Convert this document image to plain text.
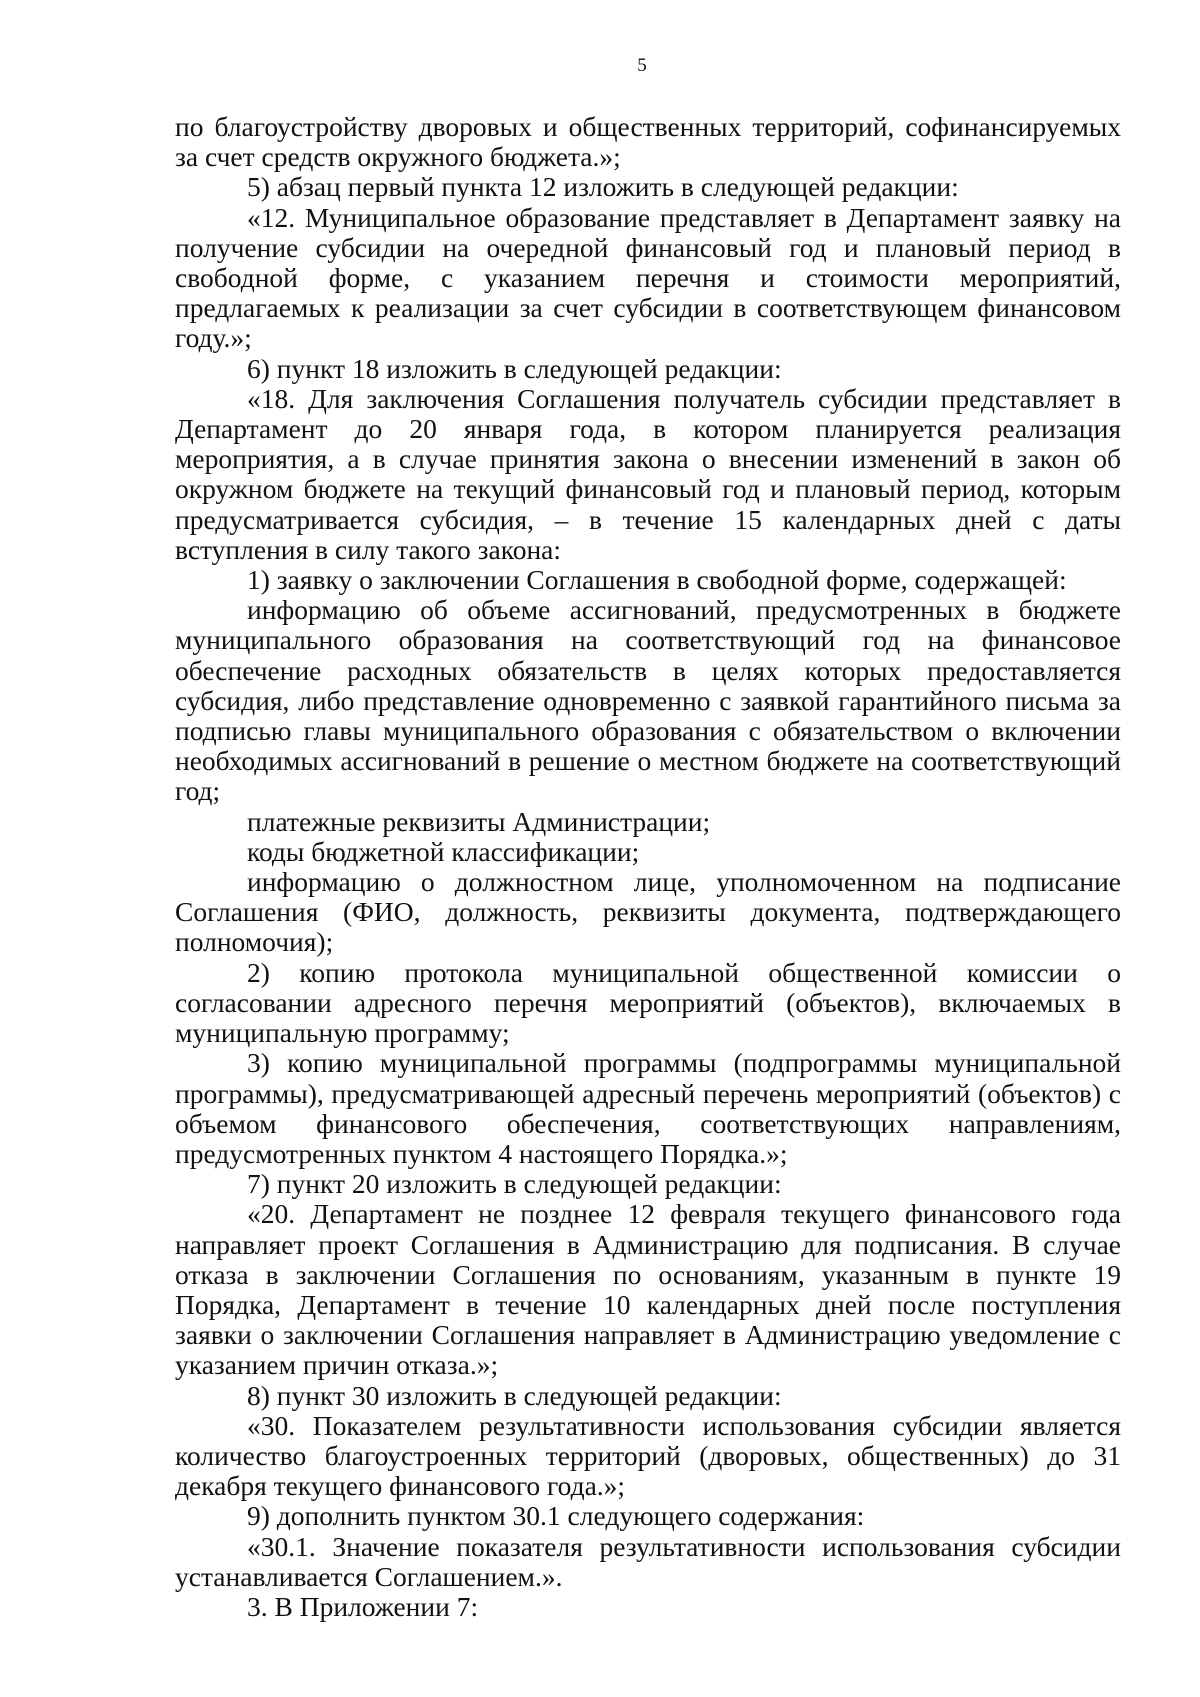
5

по благоустройству дворовых и общественных территорий, софинансируемых за счет средств окружного бюджета.»;

5) абзац первый пункта 12 изложить в следующей редакции:

«12. Муниципальное образование представляет в Департамент заявку на получение субсидии на очередной финансовый год и плановый период в свободной форме, с указанием перечня и стоимости мероприятий, предлагаемых к реализации за счет субсидии в соответствующем финансовом году.»;

6) пункт 18 изложить в следующей редакции:

«18. Для заключения Соглашения получатель субсидии представляет в Департамент до 20 января года, в котором планируется реализация мероприятия, а в случае принятия закона о внесении изменений в закон об окружном бюджете на текущий финансовый год и плановый период, которым предусматривается субсидия, – в течение 15 календарных дней с даты вступления в силу такого закона:

1) заявку о заключении Соглашения в свободной форме, содержащей:

информацию об объеме ассигнований, предусмотренных в бюджете муниципального образования на соответствующий год на финансовое обеспечение расходных обязательств в целях которых предоставляется субсидия, либо представление одновременно с заявкой гарантийного письма за подписью главы муниципального образования с обязательством о включении необходимых ассигнований в решение о местном бюджете на соответствующий год;

платежные реквизиты Администрации;

коды бюджетной классификации;

информацию о должностном лице, уполномоченном на подписание Соглашения (ФИО, должность, реквизиты документа, подтверждающего полномочия);

2) копию протокола муниципальной общественной комиссии о согласовании адресного перечня мероприятий (объектов), включаемых в муниципальную программу;

3) копию муниципальной программы (подпрограммы муниципальной программы), предусматривающей адресный перечень мероприятий (объектов) с объемом финансового обеспечения, соответствующих направлениям, предусмотренных пунктом 4 настоящего Порядка.»;

7) пункт 20 изложить в следующей редакции:

«20. Департамент не позднее 12 февраля текущего финансового года направляет проект Соглашения в Администрацию для подписания. В случае отказа в заключении Соглашения по основаниям, указанным в пункте 19 Порядка, Департамент в течение 10 календарных дней после поступления заявки о заключении Соглашения направляет в Администрацию уведомление с указанием причин отказа.»;

8) пункт 30 изложить в следующей редакции:

«30. Показателем результативности использования субсидии является количество благоустроенных территорий (дворовых, общественных) до 31 декабря текущего финансового года.»;

9) дополнить пунктом 30.1 следующего содержания:

«30.1. Значение показателя результативности использования субсидии устанавливается Соглашением.».

3. В Приложении 7:
